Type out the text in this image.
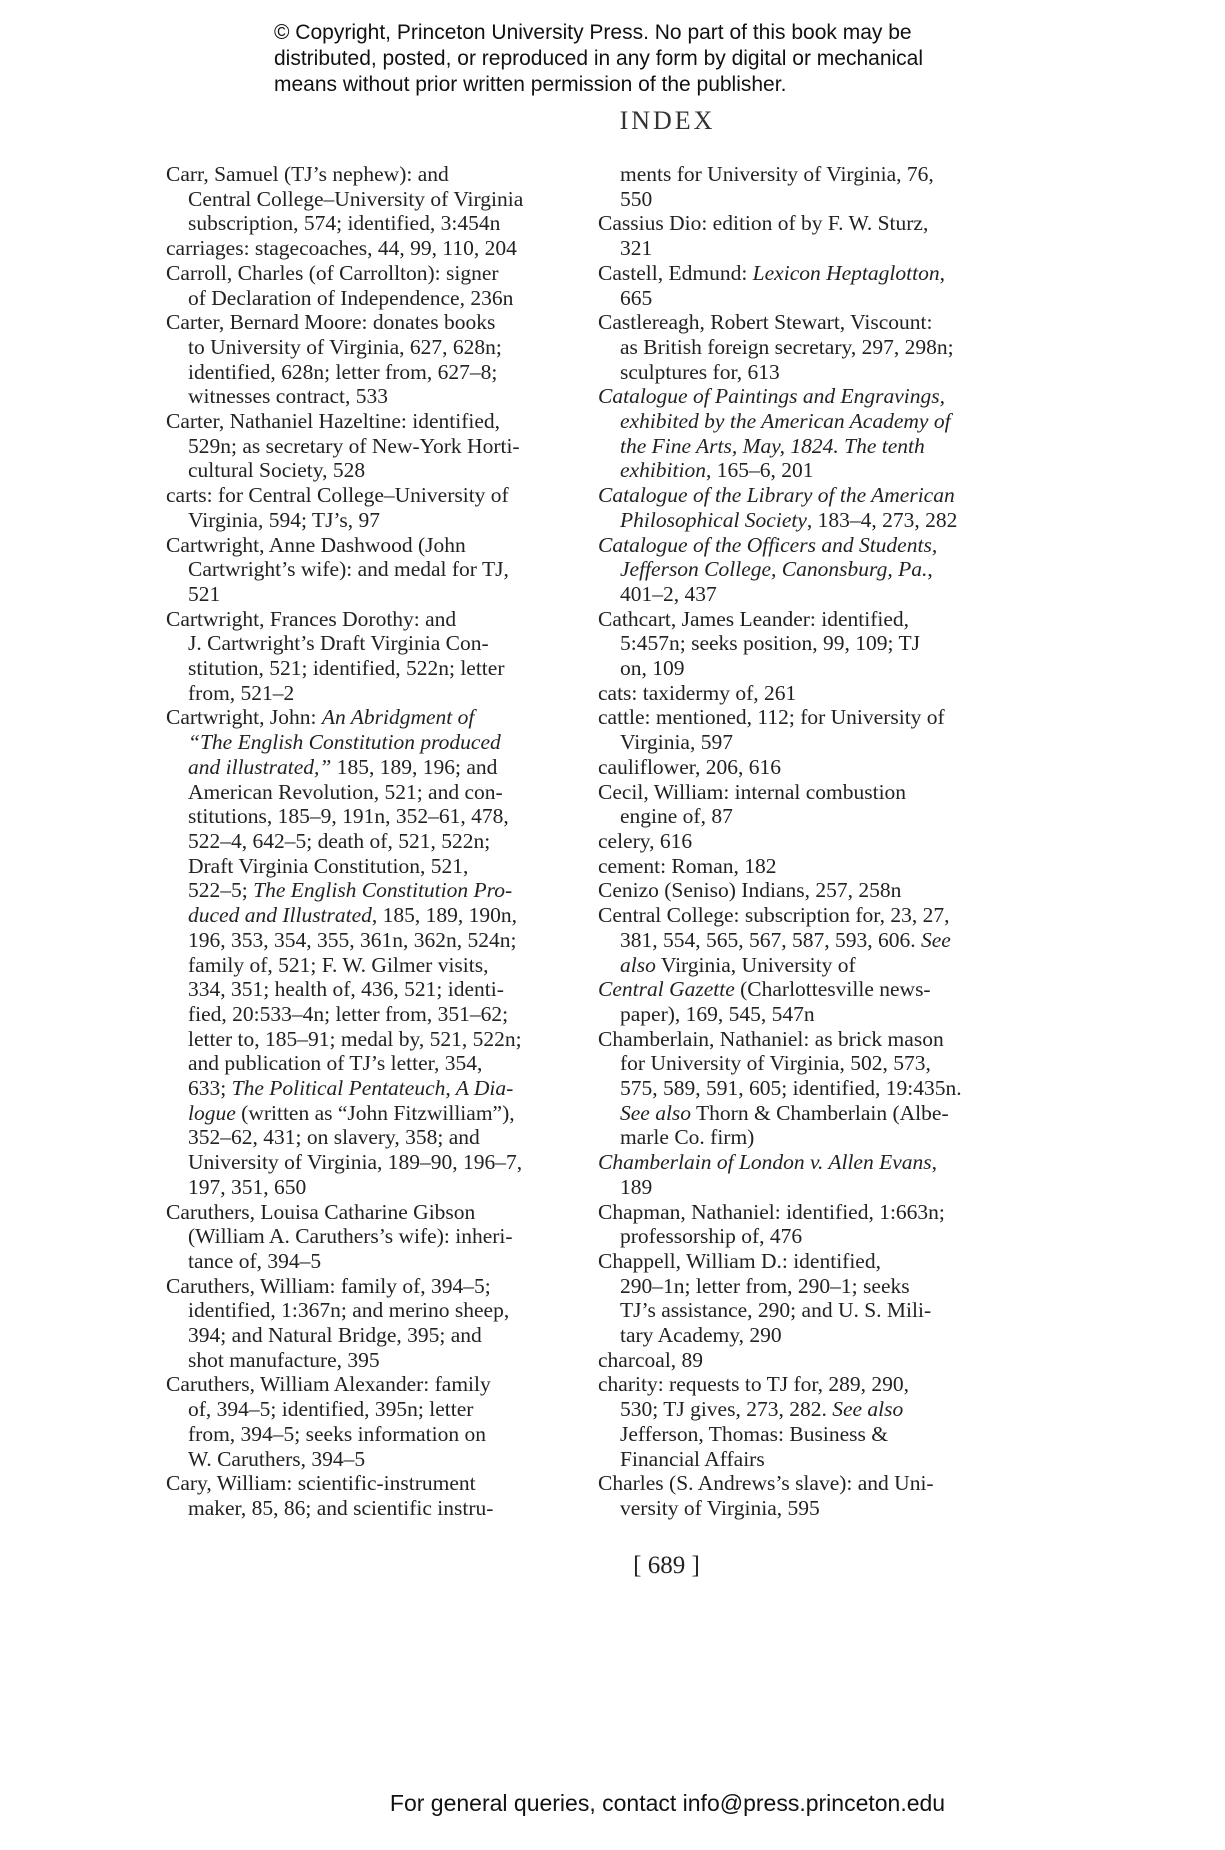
© Copyright, Princeton University Press. No part of this book may be
distributed, posted, or reproduced in any form by digital or mechanical
means without prior written permission of the publisher.
INDEX
Carr, Samuel (TJ’s nephew): and
Central College–University of Virginia
subscription, 574; identified, 3:454n
carriages: stagecoaches, 44, 99, 110, 204
Carroll, Charles (of Carrollton): signer
of Declaration of Independence, 236n
Carter, Bernard Moore: donates books
to University of Virginia, 627, 628n;
identified, 628n; letter from, 627–8;
witnesses contract, 533
Carter, Nathaniel Hazeltine: identified,
529n; as secretary of New-York Horti-
cultural Society, 528
carts: for Central College–University of
Virginia, 594; TJ’s, 97
Cartwright, Anne Dashwood (John
Cartwright’s wife): and medal for TJ,
521
Cartwright, Frances Dorothy: and
J. Cartwright’s Draft Virginia Con-
stitution, 521; identified, 522n; letter
from, 521–2
Cartwright, John: An Abridgment of
“The English Constitution produced
and illustrated,” 185, 189, 196; and
American Revolution, 521; and con-
stitutions, 185–9, 191n, 352–61, 478,
522–4, 642–5; death of, 521, 522n;
Draft Virginia Constitution, 521,
522–5; The English Constitution Pro-
duced and Illustrated, 185, 189, 190n,
196, 353, 354, 355, 361n, 362n, 524n;
family of, 521; F. W. Gilmer visits,
334, 351; health of, 436, 521; identi-
fied, 20:533–4n; letter from, 351–62;
letter to, 185–91; medal by, 521, 522n;
and publication of TJ’s letter, 354,
633; The Political Pentateuch, A Dia-
logue (written as “John Fitzwilliam”),
352–62, 431; on slavery, 358; and
University of Virginia, 189–90, 196–7,
197, 351, 650
Caruthers, Louisa Catharine Gibson
(William A. Caruthers’s wife): inheri-
tance of, 394–5
Caruthers, William: family of, 394–5;
identified, 1:367n; and merino sheep,
394; and Natural Bridge, 395; and
shot manufacture, 395
Caruthers, William Alexander: family
of, 394–5; identified, 395n; letter
from, 394–5; seeks information on
W. Caruthers, 394–5
Cary, William: scientific-instrument
maker, 85, 86; and scientific instru-
ments for University of Virginia, 76,
550
Cassius Dio: edition of by F. W. Sturz,
321
Castell, Edmund: Lexicon Heptaglotton,
665
Castlereagh, Robert Stewart, Viscount:
as British foreign secretary, 297, 298n;
sculptures for, 613
Catalogue of Paintings and Engravings,
exhibited by the American Academy of
the Fine Arts, May, 1824. The tenth
exhibition, 165–6, 201
Catalogue of the Library of the American
Philosophical Society, 183–4, 273, 282
Catalogue of the Officers and Students,
Jefferson College, Canonsburg, Pa.,
401–2, 437
Cathcart, James Leander: identified,
5:457n; seeks position, 99, 109; TJ
on, 109
cats: taxidermy of, 261
cattle: mentioned, 112; for University of
Virginia, 597
cauliflower, 206, 616
Cecil, William: internal combustion
engine of, 87
celery, 616
cement: Roman, 182
Cenizo (Seniso) Indians, 257, 258n
Central College: subscription for, 23, 27,
381, 554, 565, 567, 587, 593, 606. See
also Virginia, University of
Central Gazette (Charlottesville news-
paper), 169, 545, 547n
Chamberlain, Nathaniel: as brick mason
for University of Virginia, 502, 573,
575, 589, 591, 605; identified, 19:435n.
See also Thorn & Chamberlain (Albe-
marle Co. firm)
Chamberlain of London v. Allen Evans,
189
Chapman, Nathaniel: identified, 1:663n;
professorship of, 476
Chappell, William D.: identified,
290–1n; letter from, 290–1; seeks
TJ’s assistance, 290; and U. S. Mili-
tary Academy, 290
charcoal, 89
charity: requests to TJ for, 289, 290,
530; TJ gives, 273, 282. See also
Jefferson, Thomas: Business &
Financial Affairs
Charles (S. Andrews’s slave): and Uni-
versity of Virginia, 595
[ 689 ]
For general queries, contact info@press.princeton.edu
